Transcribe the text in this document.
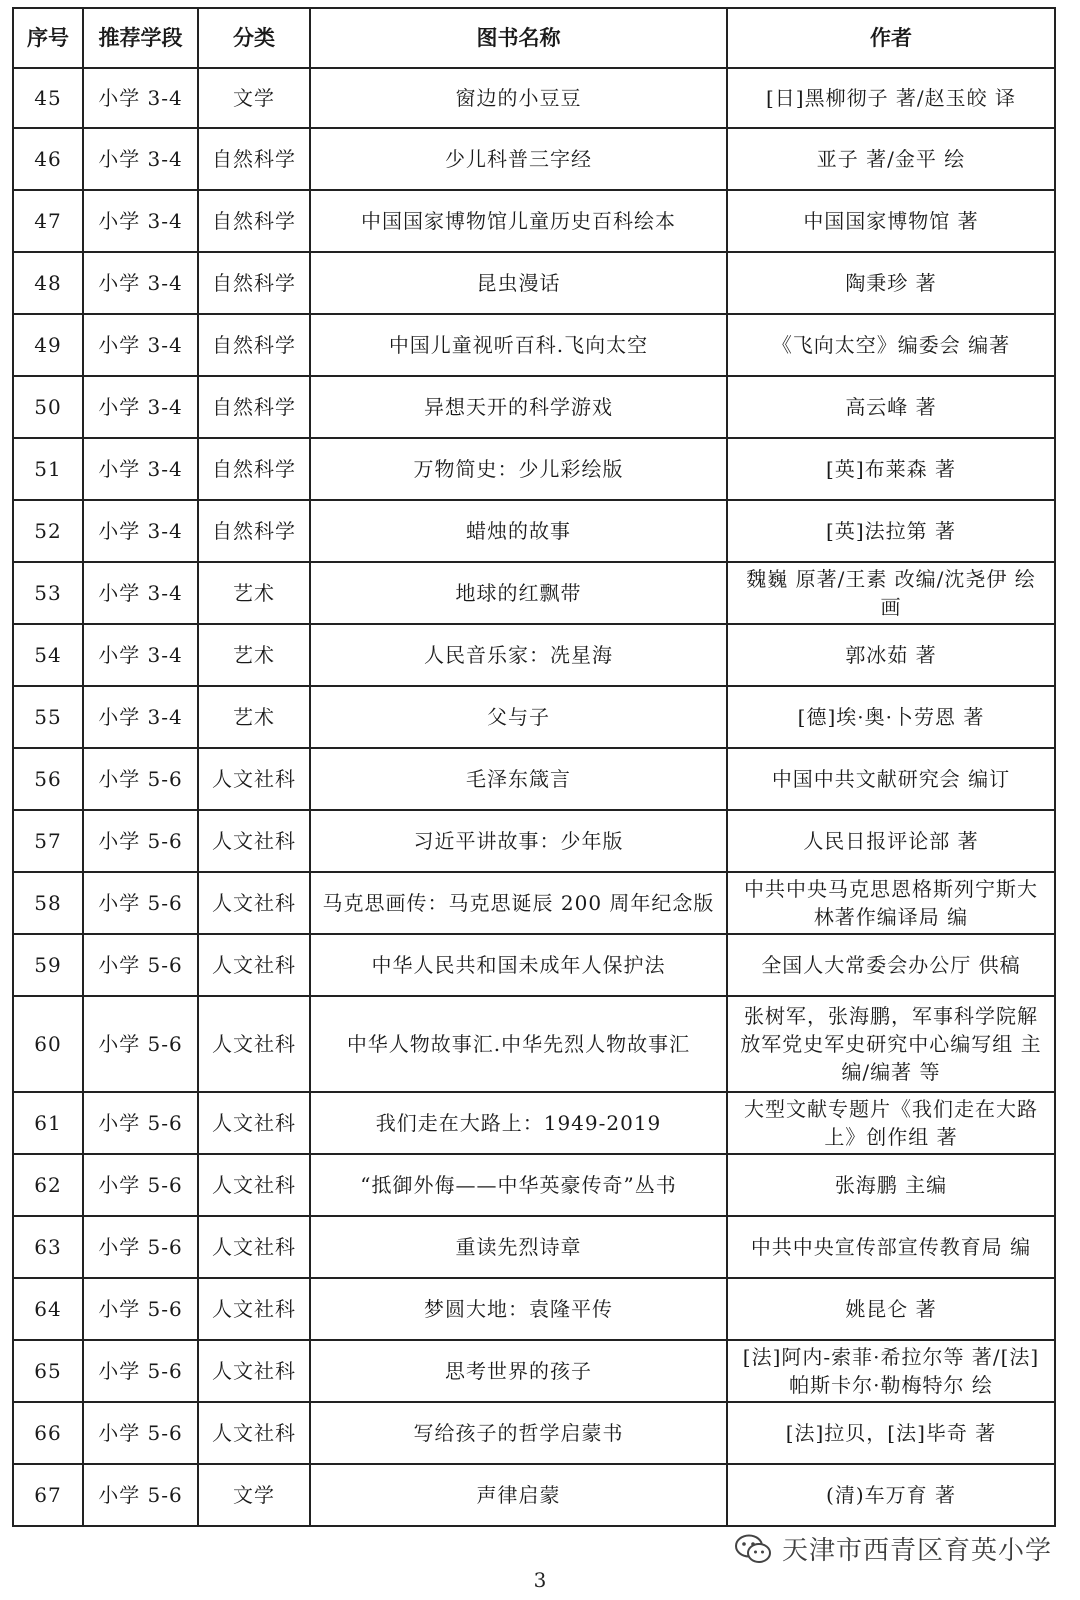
序号	推荐学段	分类	图书名称	作者
45	小学 3-4	文学	窗边的小豆豆	[日]黑柳彻子 著/赵玉皎 译
46	小学 3-4	自然科学	少儿科普三字经	亚子 著/金平 绘
47	小学 3-4	自然科学	中国国家博物馆儿童历史百科绘本	中国国家博物馆 著
48	小学 3-4	自然科学	昆虫漫话	陶秉珍 著
49	小学 3-4	自然科学	中国儿童视听百科.飞向太空	《飞向太空》编委会 编著
50	小学 3-4	自然科学	异想天开的科学游戏	高云峰 著
51	小学 3-4	自然科学	万物简史：少儿彩绘版	[英]布莱森 著
52	小学 3-4	自然科学	蜡烛的故事	[英]法拉第 著
53	小学 3-4	艺术	地球的红飘带	魏巍 原著/王素 改编/沈尧伊 绘画
54	小学 3-4	艺术	人民音乐家：冼星海	郭冰茹 著
55	小学 3-4	艺术	父与子	[德]埃·奥·卜劳恩 著
56	小学 5-6	人文社科	毛泽东箴言	中国中共文献研究会 编订
57	小学 5-6	人文社科	习近平讲故事：少年版	人民日报评论部 著
58	小学 5-6	人文社科	马克思画传：马克思诞辰 200 周年纪念版	中共中央马克思恩格斯列宁斯大林著作编译局 编
59	小学 5-6	人文社科	中华人民共和国未成年人保护法	全国人大常委会办公厅 供稿
60	小学 5-6	人文社科	中华人物故事汇.中华先烈人物故事汇	张树军，张海鹏，军事科学院解放军党史军史研究中心编写组 主编/编著 等
61	小学 5-6	人文社科	我们走在大路上：1949-2019	大型文献专题片《我们走在大路上》创作组 著
62	小学 5-6	人文社科	“抵御外侮——中华英豪传奇”丛书	张海鹏 主编
63	小学 5-6	人文社科	重读先烈诗章	中共中央宣传部宣传教育局 编
64	小学 5-6	人文社科	梦圆大地：袁隆平传	姚昆仑 著
65	小学 5-6	人文社科	思考世界的孩子	[法]阿内-索菲·希拉尔等 著/[法]帕斯卡尔·勒梅特尔 绘
66	小学 5-6	人文社科	写给孩子的哲学启蒙书	[法]拉贝，[法]毕奇 著
67	小学 5-6	文学	声律启蒙	(清)车万育 著
天津市西青区育英小学
3
